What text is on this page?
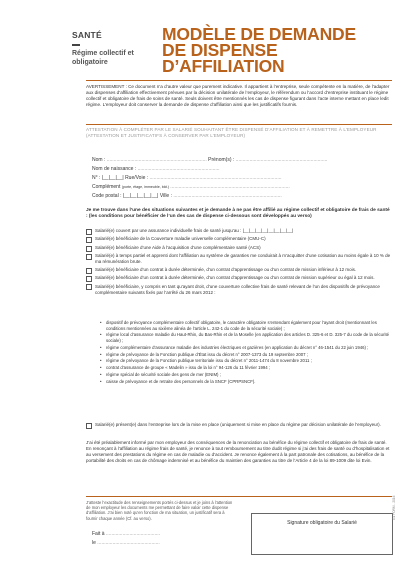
SANTÉ
Régime collectif et obligatoire
MODÈLE DE DEMANDE
DE DISPENSE
D’AFFILIATION
AVERTISSEMENT : Ce document n’a d’autre valeur que purement indicative. Il appartient à l’entreprise, seule compétente en la matière, de l’adapter aux dispenses d’affiliation effectivement prévues par la décision unilatérale de l’employeur, le référendum ou l’accord d’entreprise instituant le régime collectif et obligatoire de frais de soins de santé. Seuls doivent être mentionnés les cas de dispense figurant dans l’acte interne mettant en place ledit régime. L’employeur doit conserver la demande de dispense d’affiliation ainsi que les justificatifs fournis.
ATTESTATION À COMPLÉTER PAR LE SALARIÉ SOUHAITANT ÊTRE DISPENSÉ D’AFFILIATION ET À REMETTRE À L’EMPLOYEUR (ATTESTATION ET JUSTIFICATIFS À CONSERVER PAR L’EMPLOYEUR)
Nom : ........................................................................ Prénom(s) : ..................................................................
Nom de naissance : ...........................................................
N° : |__|__|__| Rue/Voie : ...............................................................................................
Complément (porte, étage, immeuble, bât.) ......................................................................................
Code postal : |__|__|__|__|__| Ville : ..............................................................................
Je me trouve dans l’une des situations suivantes et je demande à ne pas être affilié au régime collectif et obligatoire de frais de santé : (les conditions pour bénéficier de l’un des cas de dispense ci-dessous sont développés au verso)
Salarié(e) couvert par une assurance individuelle frais de santé jusqu’au : |__|__|__|__|__|__|__|__|
Salarié(e) bénéficiaire de la Couverture maladie universelle complémentaire (CMU-C)
Salarié(e) bénéficiaire d’une Aide à l’acquisition d’une complémentaire santé (ACS)
Salarié(e) à temps partiel et apprenti dont l’affiliation au système de garanties me conduirait à m’acquitter d’une cotisation au moins égale à 10 % de ma rémunération brute.
Salarié(e) bénéficiaire d’un contrat à durée déterminée, d’un contrat d’apprentissage ou d’un contrat de mission inférieur à 12 mois.
Salarié(e) bénéficiaire d’un contrat à durée déterminée, d’un contrat d’apprentissage ou d’un contrat de mission supérieur ou égal à 12 mois.
Salarié(e) bénéficiaire, y compris en tant qu’ayant droit, d’une couverture collective frais de santé relevant de l’un des dispositifs de prévoyance complémentaire suivants fixés par l’arrêté du 26 mars 2012 :
•	dispositif de prévoyance complémentaire collectif obligatoire, le caractère obligatoire s’entendant également pour l’ayant droit (mentionnant les conditions mentionnées au sixième alinéa de l’article L. 242-1 du code de la sécurité sociale) ;
•	régime local d’assurance maladie du Haut-Rhin, du Bas-Rhin et de la Moselle (en application des articles D. 325-6 et D. 325-7 du code de la sécurité sociale) ;
•	régime complémentaire d’assurance maladie des industries électriques et gazières (en application du décret n° 46-1541 du 22 juin 1946) ;
•	régime de prévoyance de la Fonction publique d’État issu du décret n° 2007-1373 du 19 septembre 2007 ;
•	régime de prévoyance de la Fonction publique territoriale issu du décret n° 2011-1474 du 8 novembre 2011 ;
•	contrat d’assurance de groupe « Madelin » issu de la loi n° 94-126 du 11 février 1994 ;
•	régime spécial de sécurité sociale des gens de mer (ENIM) ;
•	caisse de prévoyance et de retraite des personnels de la SNCF (CPRPSNCF).
Salarié(e) présent(e) dans l’entreprise lors de la mise en place (uniquement si mise en place du régime par décision unilatérale de l’employeur).
J’ai été préalablement informé par mon employeur des conséquences de la renonciation au bénéfice du régime collectif et obligatoire de frais de santé. En renonçant à l’affiliation au régime frais de santé, je renonce à tout remboursement au titre dudit régime si j’ai des frais de santé ou d’hospitalisation et au versement des prestations du régime en cas de maladie ou d’accident. Je renonce également à la part patronale des cotisations, au bénéfice de la portabilité des droits en cas de chômage indemnisé et au bénéfice du maintien des garanties au titre de l’Article 4 de la loi 89-1009 dite loi Evin.
J’atteste l’exactitude des renseignements portés ci-dessus et je joins à l’attention de mon employeur les documents me permettant de faire valoir cette dispense d’affiliation. J’ai bien noté qu’en fonction de ma situation, un justificatif sera à fournir chaque année (Cf. au verso).
Signature obligatoire du Salarié
Fait à .......................................
le .............................................
G1 FORM - 2016
